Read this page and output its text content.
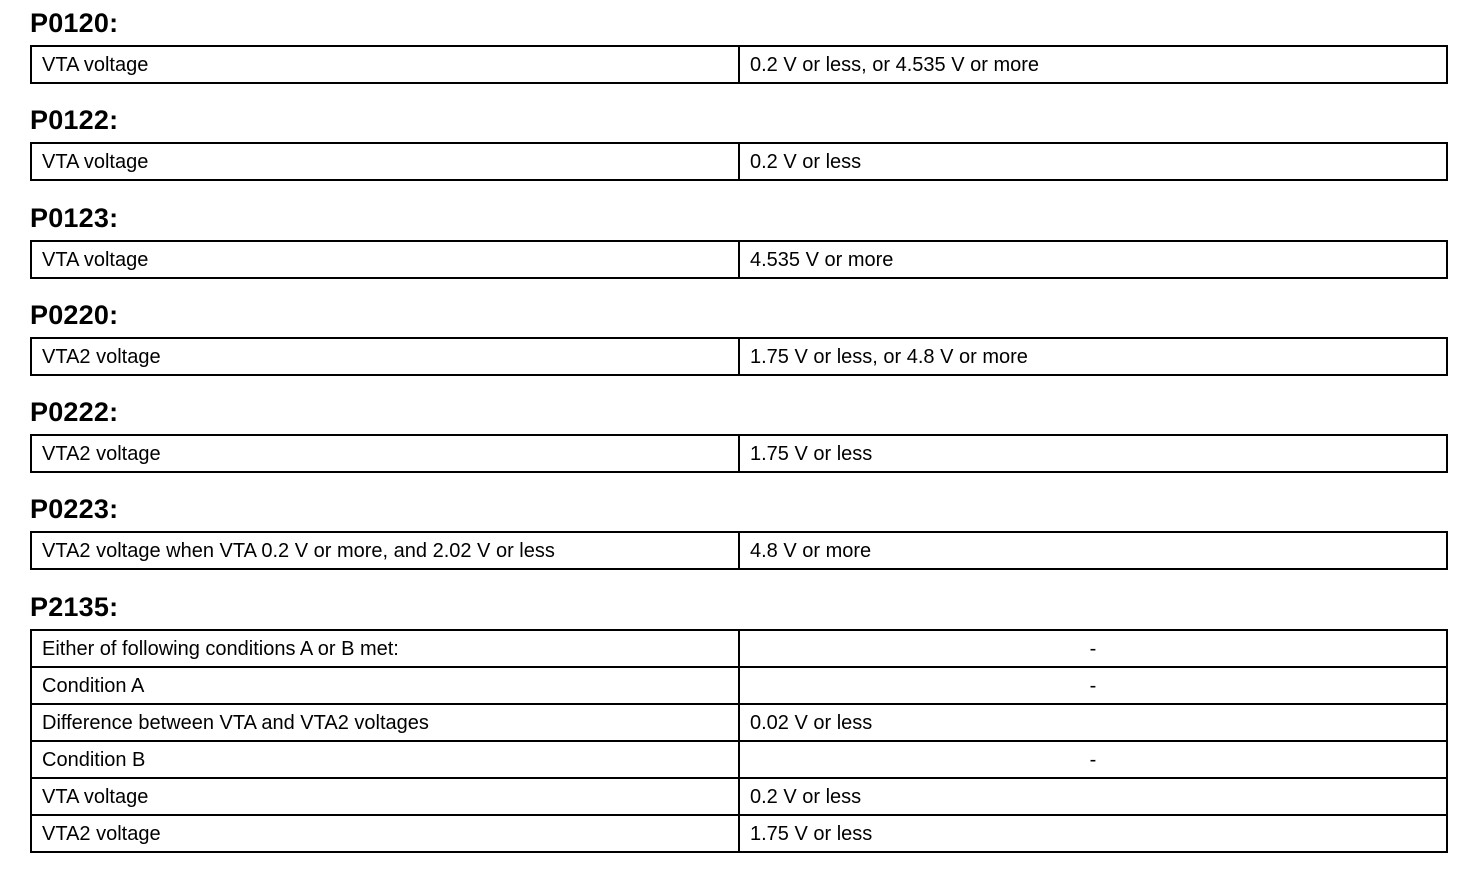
P0120:
VTA voltage	0.2 V or less, or 4.535 V or more
P0122:
VTA voltage	0.2 V or less
P0123:
VTA voltage	4.535 V or more
P0220:
VTA2 voltage	1.75 V or less, or 4.8 V or more
P0222:
VTA2 voltage	1.75 V or less
P0223:
VTA2 voltage when VTA 0.2 V or more, and 2.02 V or less	4.8 V or more
P2135:
Either of following conditions A or B met:	-
Condition A	-
Difference between VTA and VTA2 voltages	0.02 V or less
Condition B	-
VTA voltage	0.2 V or less
VTA2 voltage	1.75 V or less
